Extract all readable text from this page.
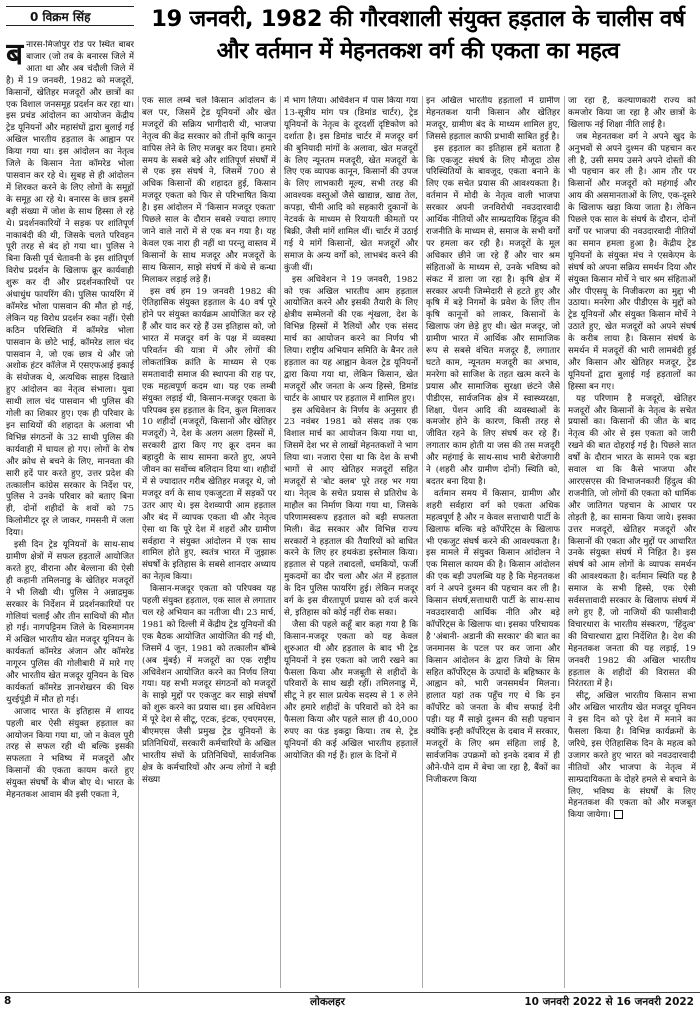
0 विक्रम सिंह	19 जनवरी, 1982 की गौरवशाली संयुक्त हड़ताल के चालीस वर्ष
और वर्तमान में मेहनतकश वर्ग की एकता का महत्व

बनारस-मिर्जापुर रोड पर स्थित बाबर बाजार (जो तब के बनारस जिले में आता था और अब चंदौली जिले में है) में 19 जनवरी, 1982 को मजदूरों, किसानों, खेतिहर मजदूरों और छात्रों का एक विशाल जनसमूह प्रदर्शन कर रहा था। इस प्रचंड आंदोलन का आयोजन केंद्रीय ट्रेड यूनियनों और महासंघों द्वारा बुलाई गई अखिल भारतीय हड़ताल के आह्वान पर किया गया था। इस आंदोलन का नेतृत्व जिले के किसान नेता कॉमरेड भोला पासवान कर रहे थे। सुबह से ही आंदोलन में शिरकत करने के लिए लोगों के समूहों के समूह आ रहे थे। बनारस के छात्र इसमें बड़ी संख्या में जोश के साथ हिस्सा ले रहे थे। प्रदर्शनकारियों ने सड़क पर शांतिपूर्ण नाकाबंदी की थी, जिसके चलते परिवहन पूरी तरह से बंद हो गया था। पुलिस ने बिना किसी पूर्व चेतावनी के इस शांतिपूर्ण विरोध प्रदर्शन के खिलाफ क्रूर कार्यवाही शुरू कर दी और प्रदर्शनकारियों पर अंधाधुंध फायरिंग की। पुलिस फायरिंग में कॉमरेड भोला पासवान की मौत हो गई, लेकिन यह विरोध प्रदर्शन रुका नहीं। ऐसी कठिन परिस्थिति में कॉमरेड भोला पासवान के छोटे भाई, कॉमरेड लाल चंद पासवान ने, जो एक छात्र थे और जो अशोक हंटर कॉलेज में एसएफआई इकाई के संयोजक थे, अत्यधिक साहस दिखाते हुए आंदोलन का नेतृत्व संभाला। युवा साथी लाल चंद पासवान भी पुलिस की गोली का शिकार हुए। एक ही परिवार के इन साथियों की शहादत के अलावा भी विभिन्न संगठनों के 32 साथी पुलिस की कार्यवाही में घायल हो गए। लोगों के रोष और क्रोध से बचने के लिए, मानवता की सारी हदें पार करते हुए, उत्तर प्रदेश की तत्कालीन कांग्रेस सरकार के निर्देश पर, पुलिस ने उनके परिवार को बताए बिना ही, दोनों शहीदों के शवों को 75 किलोमीटर दूर ले जाकर, गमसनी में जला दिया।

इसी दिन ट्रेड यूनियनों के साथ-साथ ग्रामीण क्षेत्रों में सफल हड़तालें आयोजित करते हुए, वीराना और बेल्लाना की ऐसी ही कहानी तमिलनाडु के खेतिहर मजदूरों ने भी लिखी थी। पुलिस ने अन्नाद्रमुक सरकार के निर्देशन में प्रदर्शनकारियों पर गोलियां चलाईं और तीन साथियों की मौत हो गई। नागपट्टिनम जिले के थिरुमागनम में अखिल भारतीय खेत मजदूर यूनियन के कार्यकर्ता कॉमरेड अंजान और कॉमरेड नागूरन पुलिस की गोलीबारी में मारे गए और भारतीय खेत मजदूर यूनियन के थिरु कार्यकर्ता कॉमरेड ज्ञानशेखरन की थिरु थुरईपूंडी में मौत हो गई।

आजाद भारत के इतिहास में शायद पहली बार ऐसी संयुक्त हड़ताल का आयोजन किया गया था, जो न केवल पूरी तरह से सफल रही थी बल्कि इसकी सफलता ने भविष्य में मजदूरों और किसानों की एकता कायम करते हुए संयुक्त संघर्षों के बीज बोए थे। भारत के मेहनतकश आवाम की इसी एकता ने,

एक साल लम्बे चले किसान आंदोलन के बल पर, जिसमें ट्रेड यूनियनों और खेत मजदूरों की सक्रिय भागीदारी थी, भाजपा नेतृत्व की केंद्र सरकार को तीनों कृषि कानून वापिस लेने के लिए मजबूर कर दिया। हमारे समय के सबसे बड़े और शांतिपूर्ण संघर्षों में से एक इस संघर्ष ने, जिसमें 700 से अधिक किसानों की शहादत हुई, किसान मजदूर एकता को फिर से परिभाषित किया है। इस आंदोलन में 'किसान मजदूर एकता' पिछले साल के दौरान सबसे ज्यादा लगाए जाने वाले नारों में से एक बन गया है। यह केवल एक नारा ही नहीं था परन्तु वास्तव में किसानों के साथ मजदूर और मजदूरों के साथ किसान, साझे संघर्ष में कंधे से कन्धा मिलाकर लड़ाई लड़े हैं।

इस वर्ष हम 19 जनवरी 1982 की ऐतिहासिक संयुक्त हड़ताल के 40 वर्ष पूरे होने पर संयुक्त कार्यक्रम आयोजित कर रहे हैं और याद कर रहे हैं उस इतिहास को, जो भारत में मजदूर वर्ग के पक्ष में व्यवस्था परिवर्तन की यात्रा में और लोगों की लोकतांत्रिक क्रांति के माध्यम से एक समतावादी समाज की स्थापना की राह पर, एक महत्वपूर्ण कदम था। यह एक लम्बी संयुक्त लड़ाई थी, किसान-मजदूर एकता के परिपक्व इस हड़ताल के दिन, कुल मिलाकर 10 शहीदों (मजदूरों, किसानों और खेतिहर मजदूरों) ने, देश के अलग अलग हिस्सों में, सरकारी द्वारा किए गए क्रूर दमन का बहादुरी के साथ सामना करते हुए, अपने जीवन का सर्वोच्च बलिदान दिया था। शहीदों में से ज्यादातर गरीब खेतिहर मजदूर थे, जो मजदूर वर्ग के साथ एकजुटता में सड़कों पर उतर आए थे। इस देशव्यापी आम हड़ताल और बंद में व्यापक एकता थी और नेतृत्व ऐसा था कि पूरे देश में शहरों और ग्रामीण सर्वहारा ने संयुक्त आंदोलन में एक साथ शामिल होते हुए, स्वतंत्र भारत में जुझारू संघर्षों के इतिहास के सबसे शानदार अध्याय का नेतृत्व किया।

किसान-मजदूर एकता को परिपक्व यह पहली संयुक्त हड़ताल, एक साल से लगातार चल रहे अभियान का नतीजा थी। 23 मार्च, 1981 को दिल्ली में केंद्रीय ट्रेड यूनियनों की एक बैठक आयोजित आयोजित की गई थी, जिसमें 4 जून, 1981 को तत्कालीन बॉम्बे (अब मुंबई) में मजदूरों का एक राष्ट्रीय अधिवेशन आयोजित करने का निर्णय लिया गया। यह सभी मजदूर संगठनों को मजदूरों के साझे मुद्दों पर एकजुट कर साझे संघर्षों को शुरू करने का प्रयास था। इस अधिवेशन में पूरे देश से सीटू, एटक, इंटक, एचएमएस, बीएमएस जैसी प्रमुख ट्रेड यूनियनों के प्रतिनिधियों, सरकारी कर्मचारियों के अखिल भारतीय संघों के प्रतिनिधियों, सार्वजनिक क्षेत्र के कर्मचारियों और अन्य लोगों ने बड़ी संख्या

में भाग लिया। अधिवेशन में पास किया गया 13-सूत्रीय मांग पत्र (डिमांड चार्टर), ट्रेड यूनियनों के नेतृत्व के दूरदर्शी दृष्टिकोण को दर्शाता है। इस डिमांड चार्टर में मजदूर वर्ग की बुनियादी मांगों के अलावा, खेत मजदूरों के लिए न्यूनतम मजदूरी, खेत मजदूरों के लिए एक व्यापक कानून, किसानों की उपज के लिए लाभकारी मूल्य, सभी तरह की आवश्यक वस्तुओं जैसे खाद्यान्न, खाद्य तेल, कपड़ा, चीनी आदि को सहकारी दुकानों के नेटवर्क के माध्यम से रियायती कीमतों पर बिक्री, जैसी मांगें शामिल थीं। चार्टर में उठाई गई ये मांगें किसानों, खेत मजदूरों और समाज के अन्य वर्गों को, लाभबंद करने की कुंजी थीं।

इस अधिवेशन ने 19 जनवरी, 1982 को एक अखिल भारतीय आम हड़ताल आयोजित करने और इसकी तैयारी के लिए क्षेत्रीय सम्मेलनों की एक शृंखला, देश के विभिन्न हिस्सों में रैलियों और एक संसद मार्च का आयोजन करने का निर्णय भी लिया। राष्ट्रीय अभियान समिति के बैनर तले हड़ताल का यह आह्वान केवल ट्रेड यूनियनों द्वारा किया गया था, लेकिन किसान, खेत मजदूरों और जनता के अन्य हिस्से, डिमांड चार्टर के आधार पर हड़ताल में शामिल हुए।

इस अधिवेशन के निर्णय के अनुसार ही 23 नवंबर 1981 को संसद तक एक विशाल मार्च का आयोजन किया गया था, जिसमें देश भर से लाखों मेहनतकशों ने भाग लिया था। नजारा ऐसा था कि देश के सभी भागों से आए खेतिहर मजदूरों सहित मजदूरों से 'बोट क्लब' पूरे तरह भर गया था। नेतृत्व के सचेत प्रयास से प्रतिरोध के माहौल का निर्माण किया गया था, जिसके परिणामस्वरूप हड़ताल को बड़ी सफलता मिली। केंद्र सरकार और विभिन्न राज्य सरकारों ने हड़ताल की तैयारियों को बाधित करने के लिए हर हथकंडा इस्तेमाल किया। हड़ताल से पहले तबादलों, धमकियों, फर्जी मुकदमों का दौर चला और अंत में हड़ताल के दिन पुलिस फायरिंग हुई। लेकिन मजदूर वर्ग के इस वीरतापूर्ण प्रयास को दर्ज करने से, इतिहास को कोई नहीं रोक सका।

जैसा की पहले कहूँ बार कहा गया है कि किसान-मजदूर एकता को यह केवल शुरुआत थी और हड़ताल के बाद भी ट्रेड यूनियनों ने इस एकता को जारी रखने का फैसला किया और मजबूती से शहीदों के परिवारों के साथ खड़ी रहीं। तमिलनाडु में, सीटू ने हर साल प्रत्येक सदस्य से 1 रु लेने और हमारे शहीदों के परिवारों को देने का फैसला किया और पहले साल ही 40,000 रुपए का फंड इकट्ठा किया। तब से, ट्रेड यूनियनों की कई अखिल भारतीय हड़तालें आयोजित की गई हैं। हाल के दिनों में

इन अखिल भारतीय हड़तालों में ग्रामीण मेहनतकश यानी किसान और खेतिहर मजदूर, ग्रामीण बंद के माध्यम शामिल हुए, जिससे हड़ताल काफी प्रभावी साबित हुई है।

इस हड़ताल का इतिहास हमें बताता है कि एकजुट संघर्ष के लिए मौजूदा ठोस परिस्थितियों के बावजूद, एकता बनाने के लिए एक सचेत प्रयास की आवश्यकता है। वर्तमान में मोदी के नेतृत्व वाली भाजपा सरकार अपनी जनविरोधी नवउदारवादी आर्थिक नीतियों और साम्प्रदायिक हिंदुत्व की राजनीति के माध्यम से, समाज के सभी वर्गों पर हमला कर रही है। मजदूरों के मूल अधिकार छीने जा रहे हैं और चार श्रम संहिताओं के माध्यम से, उनके भविष्य को संकट में डाला जा रहा है। कृषि क्षेत्र में सरकार अपनी जिम्मेदारी से हटते हुए और कृषि में बड़े निगमों के प्रवेश के लिए तीन कृषि कानूनों को लाकर, किसानों के खिलाफ जंग छेड़े हुए थी। खेत मजदूर, जो ग्रामीण भारत में आर्थिक और सामाजिक रूप से सबसे वंचित मजदूर हैं, लगातार घटते काम, न्यूनतम मजदूरी का अभाव, मनरेगा को साजिश के तहत खत्म करने के प्रयास और सामाजिक सुरक्षा छंटने जैसे पीडीएस, सार्वजनिक क्षेत्र में स्वास्थ्यरक्षा, शिक्षा, पेंशन आदि की व्यवस्थाओं के कमजोर होने के कारण, किसी तरह से जीवित रहने के लिए संघर्ष कर रहे हैं। लगातार काम होती या जस की तस मजदूरी और महंगाई के साथ-साथ भारी बेरोजगारी ने (शहरी और ग्रामीण दोनों) स्थिति को, बदतर बना दिया है।

वर्तमान समय में किसान, ग्रामीण और शहरी सर्वहारा वर्ग को एकता अधिक महत्वपूर्ण है और न केवल सत्ताधारी पार्टी के खिलाफ बल्कि बड़े कॉर्पोरेट्स के खिलाफ भी एकजुट संघर्ष करने की आवश्यकता है। इस मामले में संयुक्त किसान आंदोलन ने एक मिसाल कायम की है। किसान आंदोलन की एक बड़ी उपलब्धि यह है कि मेहनतकश वर्ग ने अपने दुश्मन की पहचान कर ली है। किसान संघर्ष,सत्ताधारी पार्टी के साथ-साथ नवउदारवादी आर्थिक नीति और बड़े कॉर्पोरेट्स के खिलाफ था। इसका परिचायक है 'अंबानी- अडानी की सरकार' की बात का जनमानस के पटल पर कर जाना और किसान आंदोलन के द्वारा जियो के सिम सहित कॉर्पोरेट्स के उत्पादों के बहिष्कार के आह्वान को, भारी जनसमर्थन मिलना। हालात यहां तक पहुँच गए थे कि इन कॉर्पोरेट को जनता के बीच सफाई देनी पड़ी। यह मैं साझे दुश्मन की सही पहचान क्योंकि इन्ही कॉर्पोरेट्स के दबाव में सरकार, मजदूरों के लिए श्रम संहिता लाई है, सार्वजनिक उपक्रमों को इनके दबाव में ही औने-पौने दाम में बेचा जा रहा है, बैंकों का निजीकरण किया

जा रहा है, कल्याणकारी राज्य को कमजोर किया जा रहा है और छात्रों के खिलाफ नई शिक्षा नीति लाई है।

जब मेहनतकश वर्ग ने अपने खुद के अनुभवों से अपने दुश्मन की पहचान कर ली है, उसी समय उसने अपने दोस्तों की भी पहचान कर ली है। आम तौर पर किसानों और मजदूरों को महंगाई और आय की असमानताओं के लिए, एक-दूसरे के खिलाफ खड़ा किया जाता है। लेकिन पिछले एक साल के संघर्ष के दौरान, दोनों वर्गों पर भाजपा की नवउदारवादी नीतियों का समान हमला हुआ है। केंद्रीय ट्रेड यूनियनों के संयुक्त मंच ने एसकेएम के संघर्ष को अपना सक्रिय समर्थन दिया और संयुक्त किसान मोर्चे ने चार श्रम संहिताओं और पीएसयू के निजीकरण का मुद्दा भी उठाया। मनरेगा और पीडीएस के मुद्दों को ट्रेड यूनियनों और संयुक्त किसान मोर्चे ने उठाते हुए, खेत मजदूरों को अपने संघर्ष के करीब लाया है। किसान संघर्ष के समर्थन में मजदूरों की भारी लामबंदी हुई और किसान और खेतिहर मजदूर, ट्रेड यूनियनों द्वारा बुलाई गई हड़तालों का हिस्सा बन गए।

यह परिणाम है मजदूरों, खेतिहर मजदूरों और किसानों के नेतृत्व के सचेत प्रयासों का। किसानों की जीत के बाद नेतृत्व की ओर से इस एकता को जारी रखने की बात दोहराई गई है। पिछले सात वर्षों के दौरान भारत के सामने एक बड़ा सवाल था कि कैसे भाजपा और आरएसएस की विभाजनकारी हिंदुत्व की राजनीति, जो लोगों की एकता को धार्मिक और जातिगत पहचान के आधार पर तोड़ती है, का सामना किया जाये। इसका उत्तर मजदूरों, खेतिहर मजदूरों और किसानों की एकता और मुद्दों पर आधारित उनके संयुक्त संघर्ष में निहित है। इस संघर्ष को आम लोगों के व्यापक समर्थन की आवश्यकता है। वर्तमान स्थिति यह है समाज के सभी हिस्से, एक ऐसी सर्वसत्तावादी सरकार के खिलाफ संघर्ष में लगे हुए हैं, जो नाजियों की फासीवादी विचारधारा के भारतीय संस्करण, 'हिंदुत्व' की विचारधारा द्वारा निर्देशित है। देश की मेहनतकश जनता की यह लड़ाई, 19 जनवरी 1982 की अखिल भारतीय हड़ताल के शहीदों की विरासत की निरंतरता में है।

सीटू, अखिल भारतीय किसान सभा और अखिल भारतीय खेत मजदूर यूनियन ने इस दिन को पूरे देश में मनाने का फैसला किया है। विभिन्न कार्यक्रमों के जरिये, इस ऐतिहासिक दिन के महत्व को उजागर करते हुए भारत को नवउदारवादी नीतियों और भाजपा के नेतृत्व में साम्प्रदायिकता के दोहरे हमले से बचाने के लिए, भविष्य के संघर्षों के लिए मेहनतकश की एकता को और मजबूत किया जायेगा।

8	लोकलहर	10 जनवरी 2022 से 16 जनवरी 2022
